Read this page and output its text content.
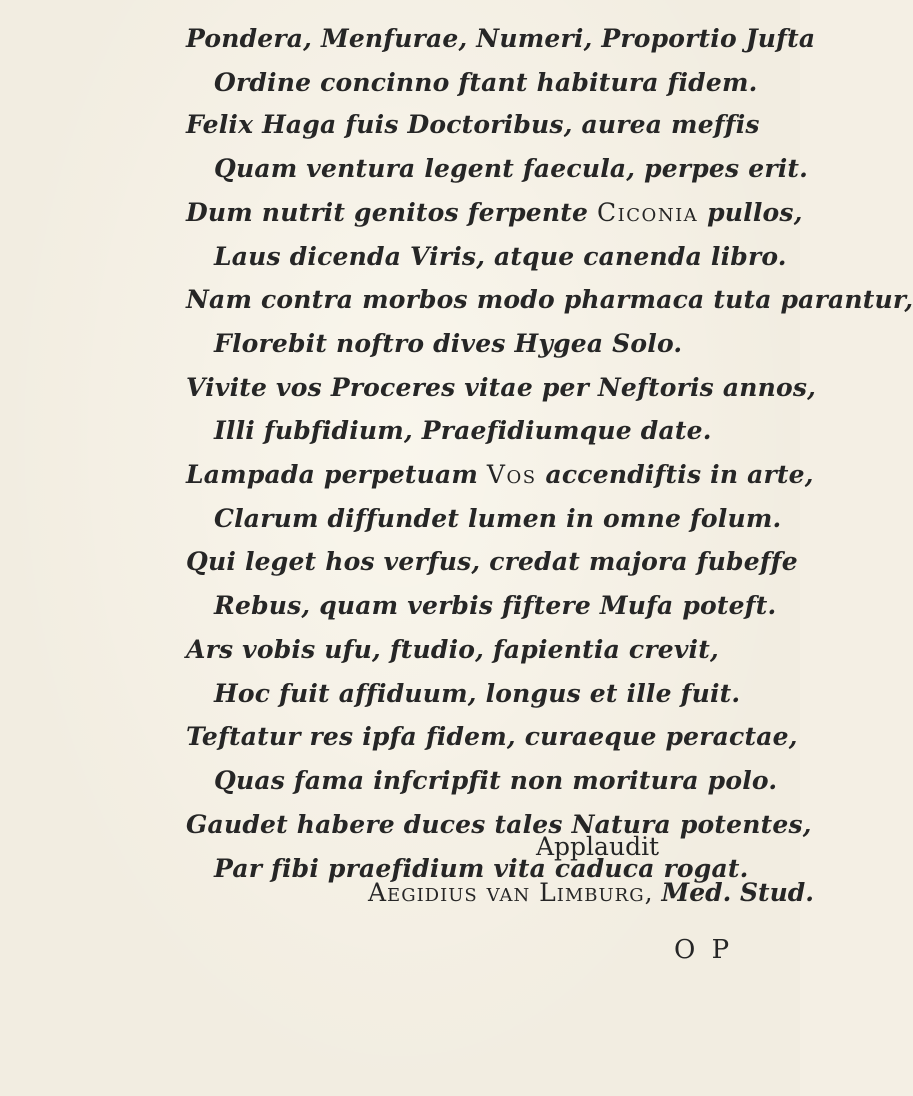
Pondera, Menfurae, Numeri, Proportio Jufta
Ordine concinno ftant habitura fidem.
Felix Haga fuis Doctoribus, aurea meffis
Quam ventura legent faecula, perpes erit.
Dum nutrit genitos ferpente Ciconia pullos,
Laus dicenda Viris, atque canenda libro.
Nam contra morbos modo pharmaca tuta parantur,
Florebit noftro dives Hygea Solo.
Vivite vos Proceres vitae per Neftoris annos,
Illi fubfidium, Praefidiumque date.
Lampada perpetuam Vos accendiftis in arte,
Clarum diffundet lumen in omne folum.
Qui leget hos verfus, credat majora fubeffe
Rebus, quam verbis fiftere Mufa poteft.
Ars vobis ufu, ftudio, fapientia crevit,
Hoc fuit affiduum, longus et ille fuit.
Teftatur res ipfa fidem, curaeque peractae,
Quas fama infcripfit non moritura polo.
Gaudet habere duces tales Natura potentes,
Par fibi praefidium vita caduca rogat.
Applaudit
Aegidius van Limburg, Med. Stud.
O P
